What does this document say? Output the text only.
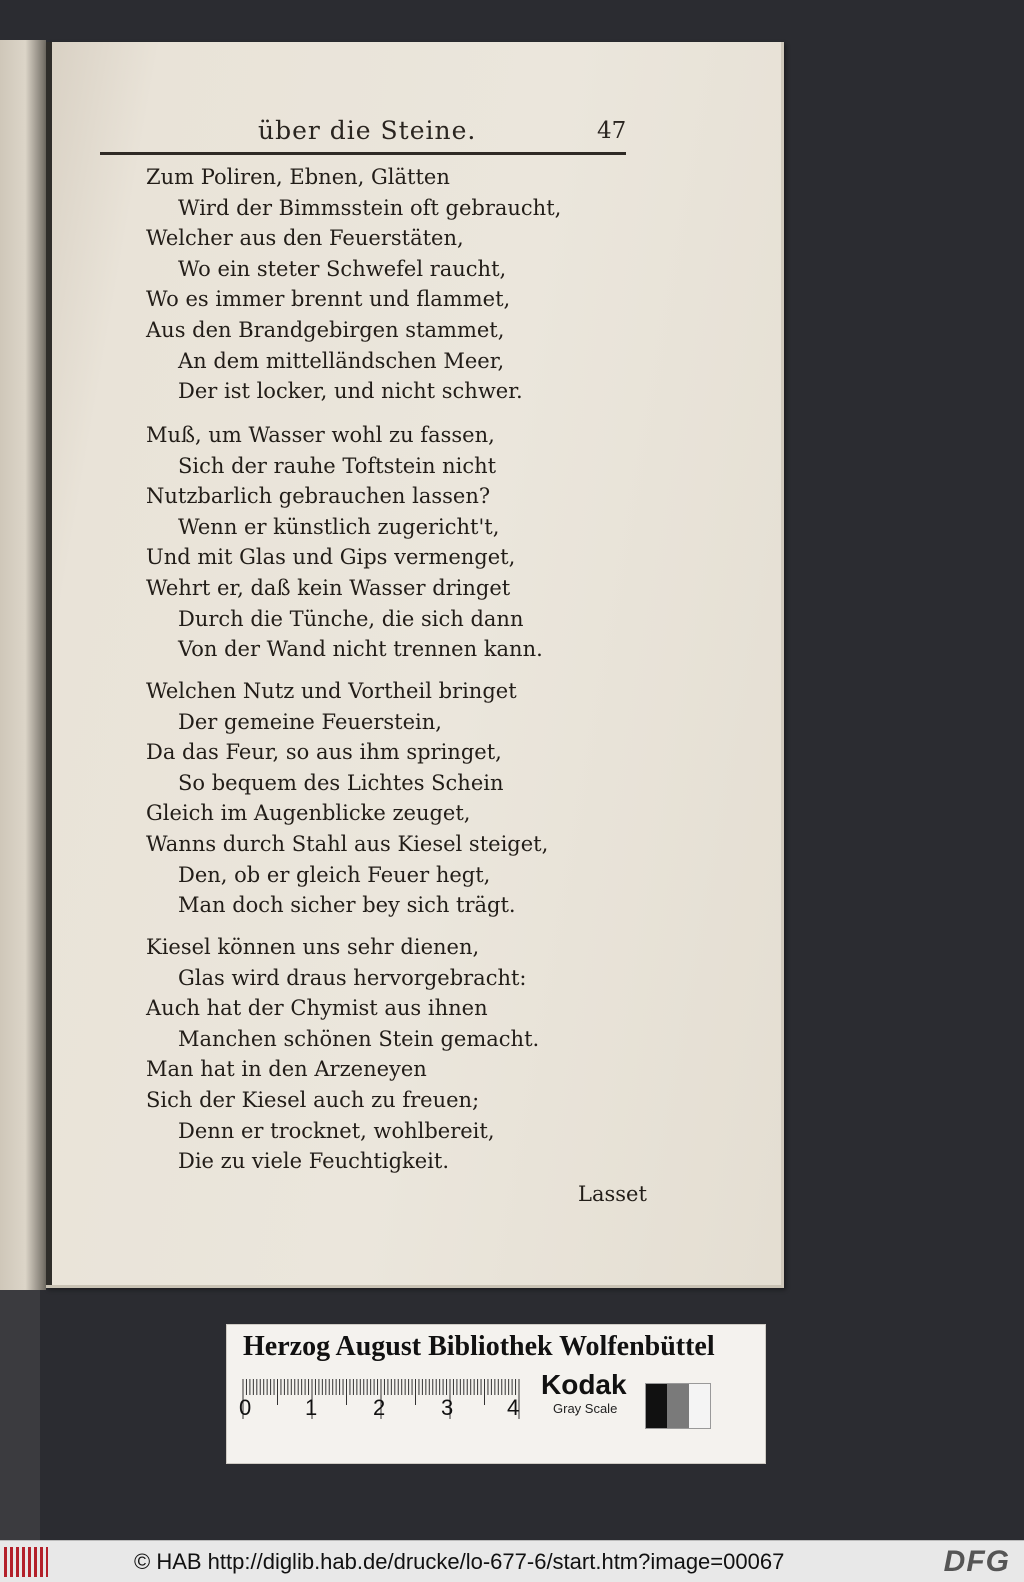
über die Steine.	47
Zum Poliren, Ebnen, Glätten
Wird der Bimmsstein oft gebraucht,
Welcher aus den Feuerstäten,
Wo ein steter Schwefel raucht,
Wo es immer brennt und flammet,
Aus den Brandgebirgen stammet,
An dem mittelländschen Meer,
Der ist locker, und nicht schwer.
Muß, um Wasser wohl zu fassen,
Sich der rauhe Toftstein nicht
Nutzbarlich gebrauchen lassen?
Wenn er künstlich zugericht't,
Und mit Glas und Gips vermenget,
Wehrt er, daß kein Wasser dringet
Durch die Tünche, die sich dann
Von der Wand nicht trennen kann.
Welchen Nutz und Vortheil bringet
Der gemeine Feuerstein,
Da das Feur, so aus ihm springet,
So bequem des Lichtes Schein
Gleich im Augenblicke zeuget,
Wanns durch Stahl aus Kiesel steiget,
Den, ob er gleich Feuer hegt,
Man doch sicher bey sich trägt.
Kiesel können uns sehr dienen,
Glas wird draus hervorgebracht:
Auch hat der Chymist aus ihnen
Manchen schönen Stein gemacht.
Man hat in den Arzeneyen
Sich der Kiesel auch zu freuen;
Denn er trocknet, wohlbereit,
Die zu viele Feuchtigkeit.
Lasset
Herzog August Bibliothek Wolfenbüttel
0 1	2	3 4
Kodak
Gray Scale
© HAB http://diglib.hab.de/drucke/lo-677-6/start.htm?image=00067	DFG
